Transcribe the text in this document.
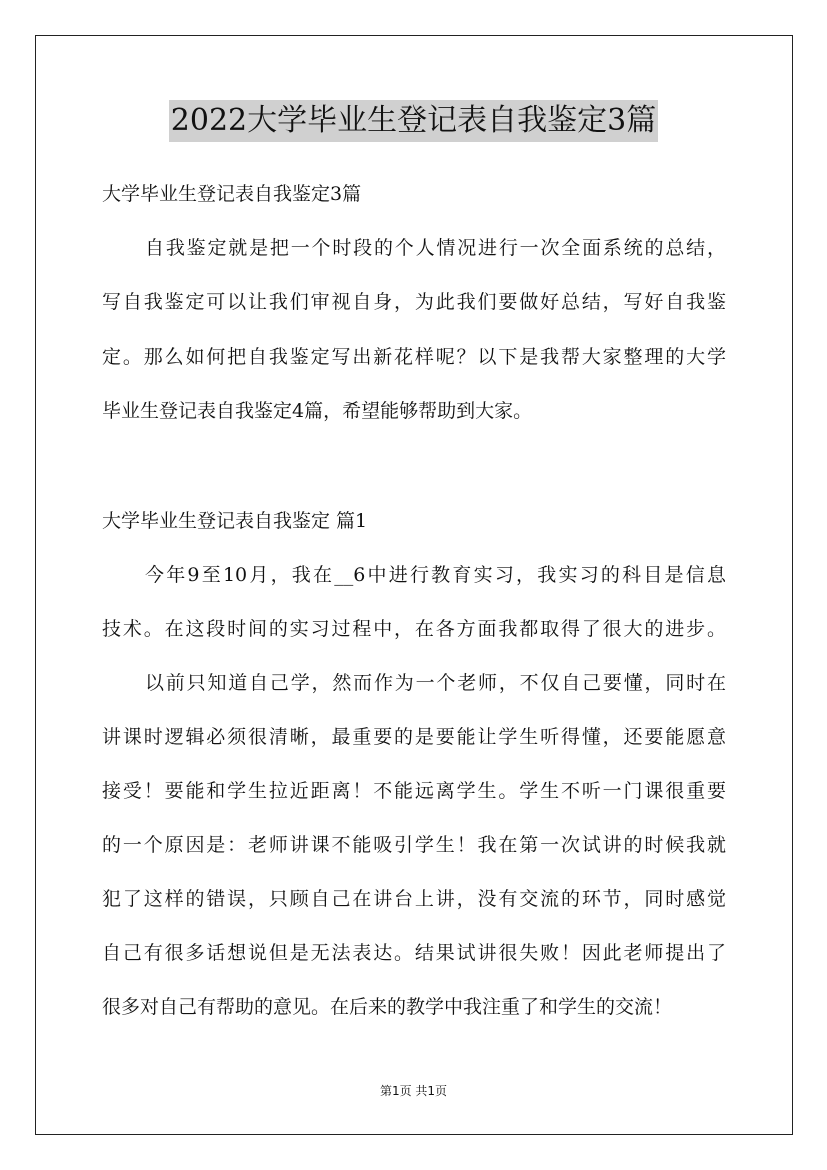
2022大学毕业生登记表自我鉴定3篇
大学毕业生登记表自我鉴定3篇
自我鉴定就是把一个时段的个人情况进行一次全面系统的总结，
写自我鉴定可以让我们审视自身，为此我们要做好总结，写好自我鉴
定。那么如何把自我鉴定写出新花样呢？以下是我帮大家整理的大学
毕业生登记表自我鉴定4篇，希望能够帮助到大家。
大学毕业生登记表自我鉴定 篇1
今年9至10月，我在__6中进行教育实习，我实习的科目是信息
技术。在这段时间的实习过程中，在各方面我都取得了很大的进步。
以前只知道自己学，然而作为一个老师，不仅自己要懂，同时在
讲课时逻辑必须很清晰，最重要的是要能让学生听得懂，还要能愿意
接受！要能和学生拉近距离！不能远离学生。学生不听一门课很重要
的一个原因是：老师讲课不能吸引学生！我在第一次试讲的时候我就
犯了这样的错误，只顾自己在讲台上讲，没有交流的环节，同时感觉
自己有很多话想说但是无法表达。结果试讲很失败！因此老师提出了
很多对自己有帮助的意见。在后来的教学中我注重了和学生的交流！
第1页 共1页
